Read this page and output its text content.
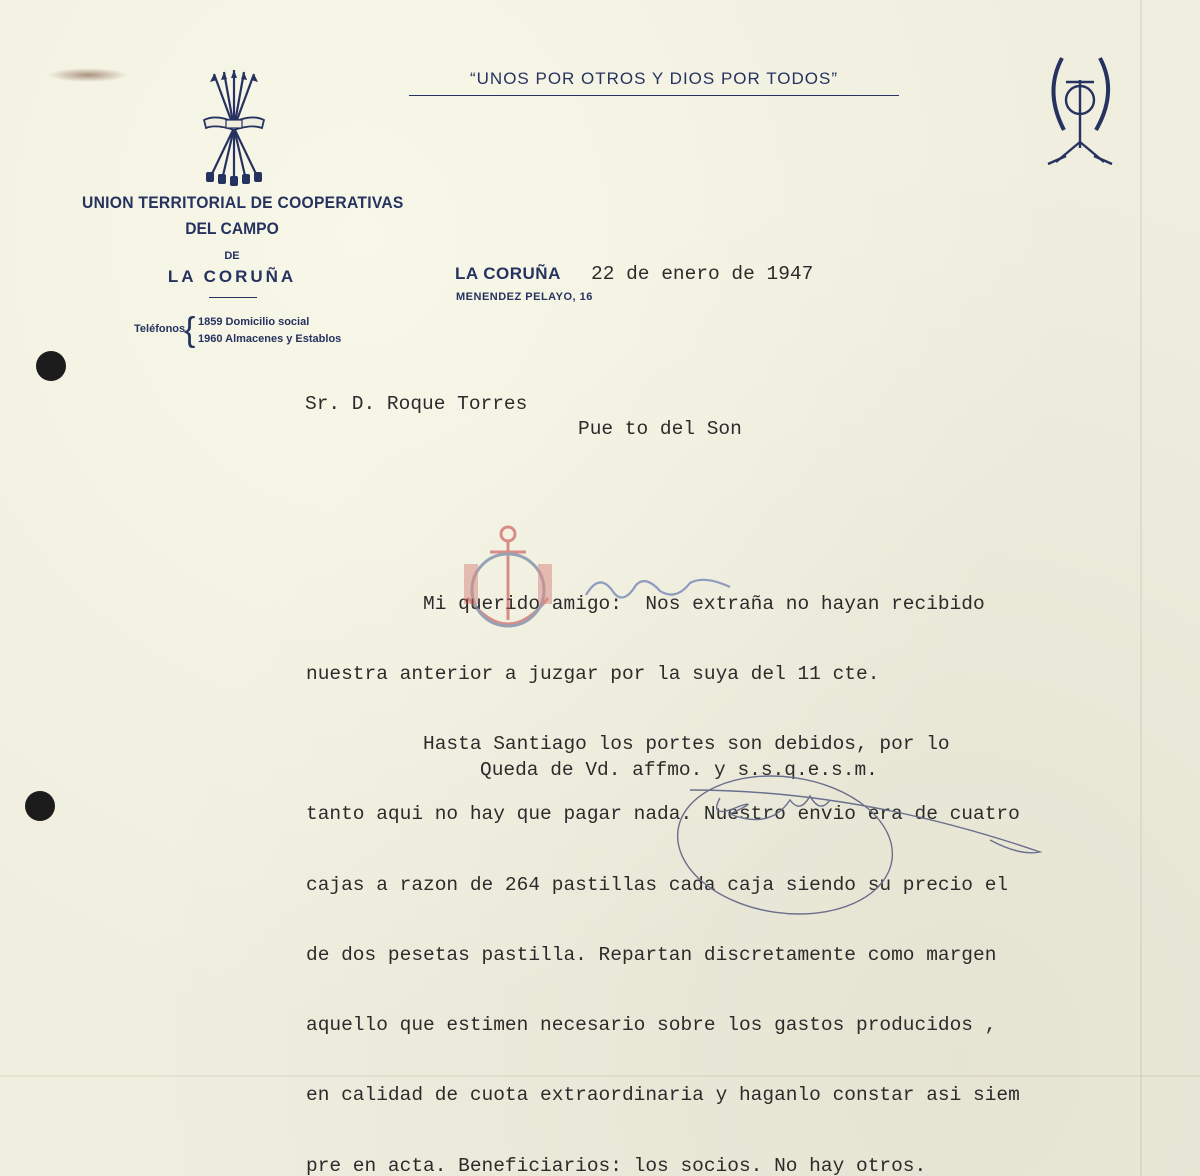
UNION TERRITORIAL DE COOPERATIVAS
DEL CAMPO
DE
LA CORUÑA
Teléfonos
{ 1859 Domicilio social
1960 Almacenes y Establos
“UNOS POR OTROS Y DIOS POR TODOS”
LA CORUÑA
MENENDEZ PELAYO, 16
22 de enero de 1947
Sr. D. Roque Torres
Pue to del Son

Mi querido amigo:  Nos extraña no hayan recibido

nuestra anterior a juzgar por la suya del 11 cte.

Hasta Santiago los portes son debidos, por lo

tanto aqui no hay que pagar nada. Nuestro envio era de cuatro

cajas a razon de 264 pastillas cada caja siendo su precio el

de dos pesetas pastilla. Repartan discretamente como margen

aquello que estimen necesario sobre los gastos producidos ,

en calidad de cuota extraordinaria y haganlo constar asi siem

pre en acta. Beneficiarios: los socios. No hay otros.

Queda de Vd. affmo. y s.s.q.e.s.m.
